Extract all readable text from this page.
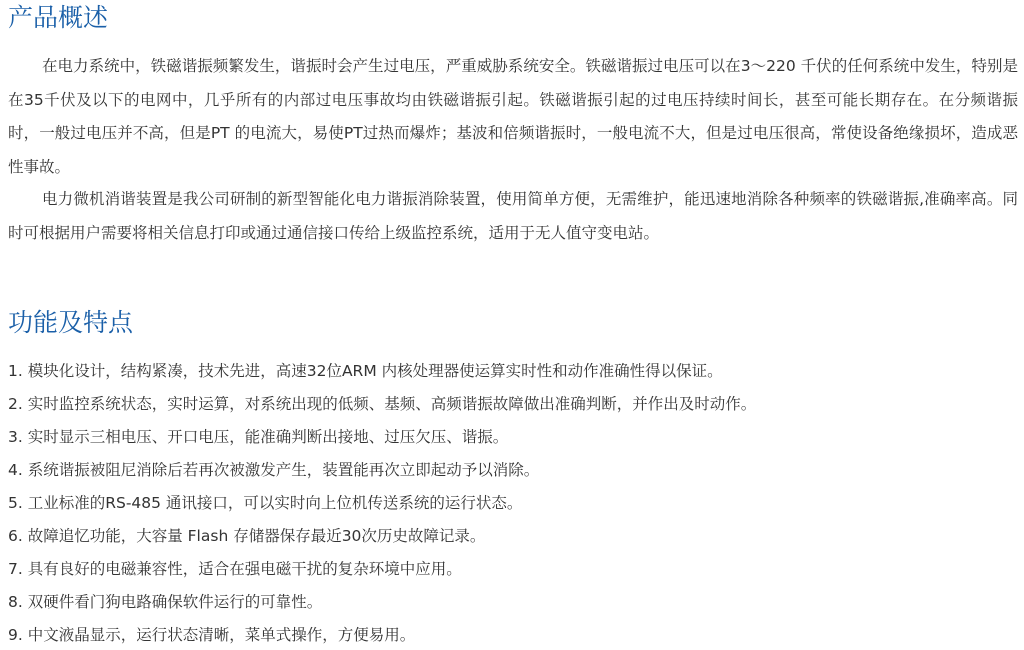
产品概述

在电力系统中，铁磁谐振频繁发生，谐振时会产生过电压，严重威胁系统安全。铁磁谐振过电压可以在3～220 千伏的任何系统中发生，特别是在35千伏及以下的电网中，几乎所有的内部过电压事故均由铁磁谐振引起。铁磁谐振引起的过电压持续时间长，甚至可能长期存在。在分频谐振时，一般过电压并不高，但是PT 的电流大，易使PT过热而爆炸；基波和倍频谐振时，一般电流不大，但是过电压很高，常使设备绝缘损坏，造成恶性事故。

电力微机消谐装置是我公司研制的新型智能化电力谐振消除装置，使用简单方便，无需维护，能迅速地消除各种频率的铁磁谐振,准确率高。同时可根据用户需要将相关信息打印或通过通信接口传给上级监控系统，适用于无人值守变电站。

功能及特点
1. 模块化设计，结构紧凑，技术先进，高速32位ARM 内核处理器使运算实时性和动作准确性得以保证。
2. 实时监控系统状态，实时运算，对系统出现的低频、基频、高频谐振故障做出准确判断，并作出及时动作。
3. 实时显示三相电压、开口电压，能准确判断出接地、过压欠压、谐振。
4. 系统谐振被阻尼消除后若再次被激发产生，装置能再次立即起动予以消除。
5. 工业标准的RS-485 通讯接口，可以实时向上位机传送系统的运行状态。
6. 故障追忆功能，大容量 Flash 存储器保存最近30次历史故障记录。
7. 具有良好的电磁兼容性，适合在强电磁干扰的复杂环境中应用。
8. 双硬件看门狗电路确保软件运行的可靠性。
9. 中文液晶显示，运行状态清晰，菜单式操作，方便易用。
